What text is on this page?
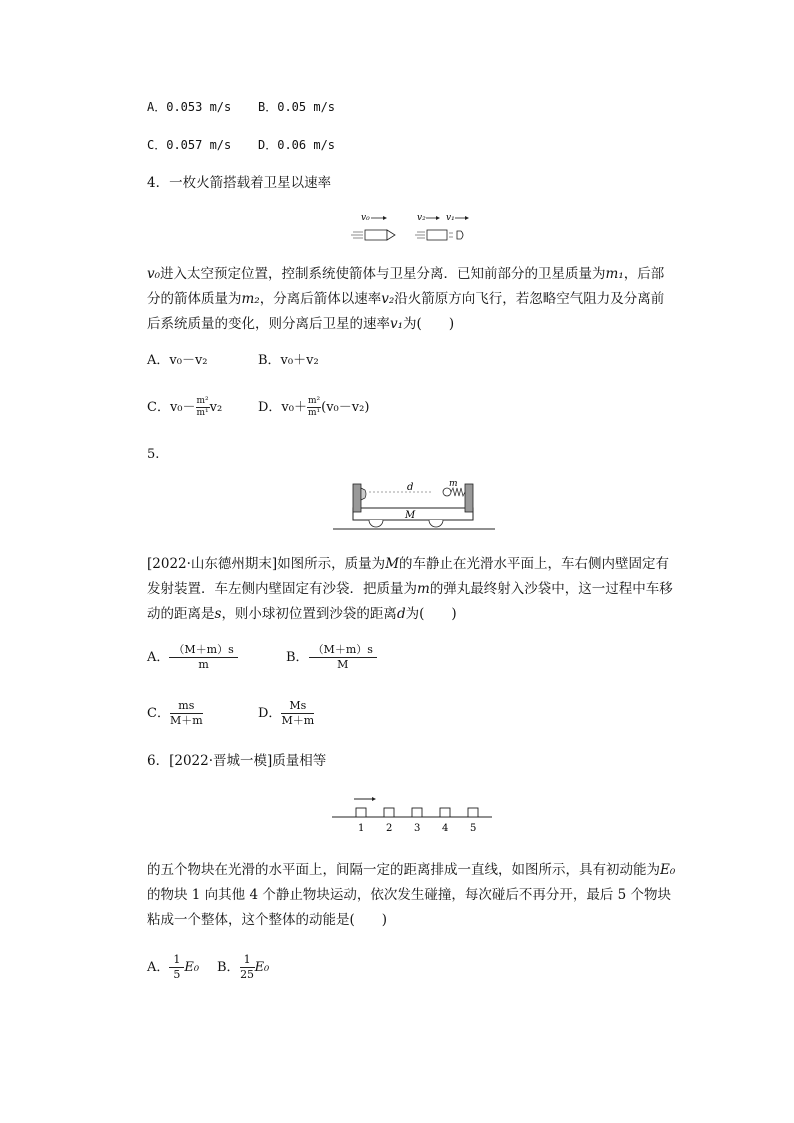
A．0.053 m/s B．0.05 m/s
C．0.057 m/s D．0.06 m/s
4．一枚火箭搭载着卫星以速率
v₀	v₂ v₁
v₀进入太空预定位置，控制系统使箭体与卫星分离．已知前部分的卫星质量为m₁，后部分的箭体质量为m₂，分离后箭体以速率v₂沿火箭原方向飞行，若忽略空气阻力及分离前后系统质量的变化，则分离后卫星的速率v₁为(　　)
A．v₀－v₂	B．v₀＋v₂
C．$v_0- \frac{\text{m²}}{\text{m¹}} v_2$	D．$v_0+ \frac{\text{m²}}{\text{m¹}} (v_0-v_2)$
5.
d	m
M
[2022·山东德州期末]如图所示，质量为M的车静止在光滑水平面上，车右侧内壁固定有发射装置．车左侧内壁固定有沙袋．把质量为m的弹丸最终射入沙袋中，这一过程中车移动的距离是s，则小球初位置到沙袋的距离d为(　　)
A． $\frac{(M+m)s}{m}$	B． $\frac{(M+m)s}{M}$
C． $\frac{ms}{M+m}$	D． $\frac{Ms}{M+m}$
6．[2022·晋城一模]质量相等
1 2 3 4 5
的五个物块在光滑的水平面上，间隔一定的距离排成一直线，如图所示，具有初动能为E₀的物块 1 向其他 4 个静止物块运动，依次发生碰撞，每次碰后不再分开，最后 5 个物块粘成一个整体，这个整体的动能是(　　)
A． $\frac{1}{5} E_0$ B． $\frac{1}{25} E_0$
